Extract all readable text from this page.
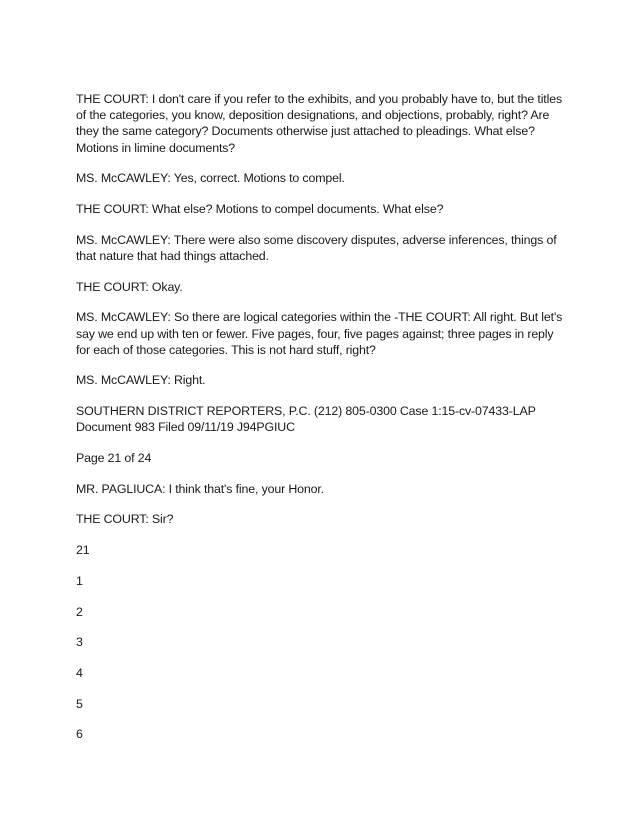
THE COURT: I don't care if you refer to the exhibits, and you probably have to, but the titles of the categories, you know, deposition designations, and objections, probably, right? Are they the same category? Documents otherwise just attached to pleadings. What else? Motions in limine documents?

MS. McCAWLEY: Yes, correct. Motions to compel.

THE COURT: What else? Motions to compel documents. What else?

MS. McCAWLEY: There were also some discovery disputes, adverse inferences, things of that nature that had things attached.

THE COURT: Okay.

MS. McCAWLEY: So there are logical categories within the -THE COURT: All right. But let's say we end up with ten or fewer. Five pages, four, five pages against; three pages in reply for each of those categories. This is not hard stuff, right?

MS. McCAWLEY: Right.

SOUTHERN DISTRICT REPORTERS, P.C. (212) 805-0300 Case 1:15-cv-07433-LAP Document 983 Filed 09/11/19 J94PGIUC

Page 21 of 24

MR. PAGLIUCA: I think that's fine, your Honor.

THE COURT: Sir?

21
1
2
3
4
5
6
